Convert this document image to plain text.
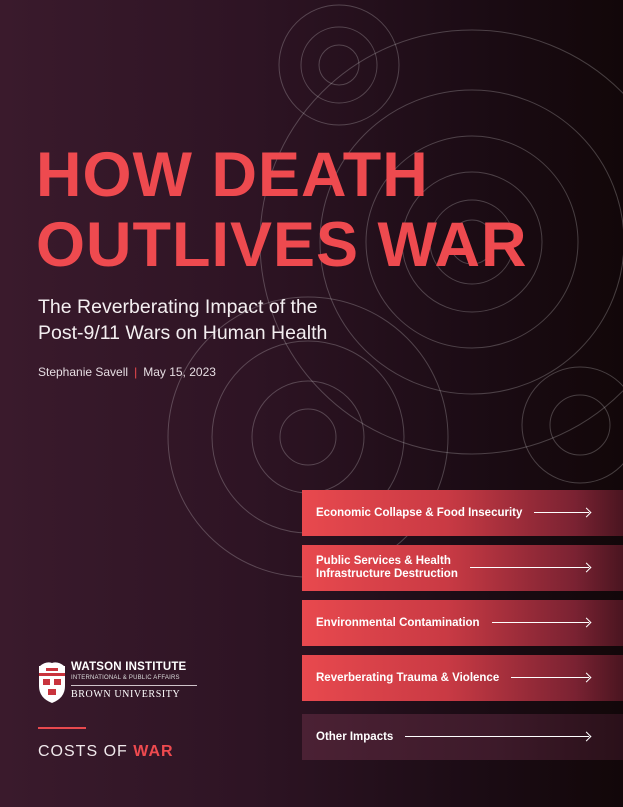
HOW DEATH
OUTLIVES WAR
The Reverberating Impact of the
Post-9/11 Wars on Human Health
Stephanie Savell | May 15, 2023
Economic Collapse & Food Insecurity
Public Services & Health
Infrastructure Destruction
Environmental Contamination
Reverberating Trauma & Violence
Other Impacts
WATSON INSTITUTE
INTERNATIONAL & PUBLIC AFFAIRS
BROWN UNIVERSITY
COSTS OF WAR
